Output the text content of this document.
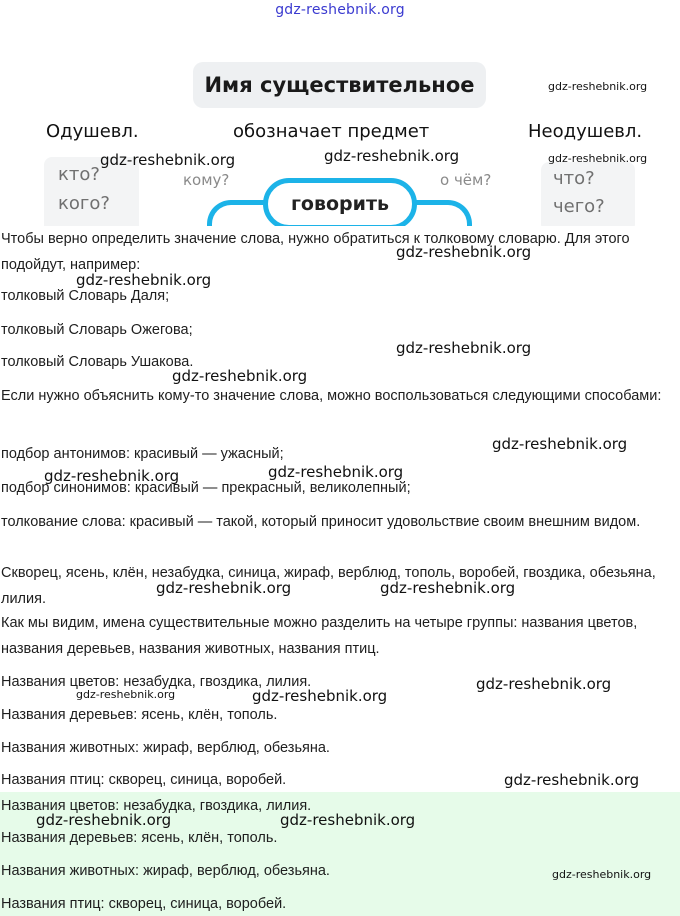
gdz-reshebnik.org
Имя существительное
Одушевл.	обозначает предмет	Неодушевл.
кто?
кого?
что?
чего?
кому?	о чём?
говорить

Чтобы верно определить значение слова, нужно обратиться к толковому словарю. Для этого подойдут, например:

толковый Словарь Даля;

толковый Словарь Ожегова;

толковый Словарь Ушакова.

Если нужно объяснить кому-то значение слова, можно воспользоваться следующими способами:

подбор антонимов: красивый — ужасный;

подбор синонимов: красивый — прекрасный, великолепный;

толкование слова: красивый — такой, который приносит удовольствие своим внешним видом.

Скворец, ясень, клён, незабудка, синица, жираф, верблюд, тополь, воробей, гвоздика, обезьяна, лилия.

Как мы видим, имена существительные можно разделить на четыре группы: названия цветов, названия деревьев, названия животных, названия птиц.

Названия цветов: незабудка, гвоздика, лилия.

Названия деревьев: ясень, клён, тополь.

Названия животных: жираф, верблюд, обезьяна.

Названия птиц: скворец, синица, воробей.

Названия цветов: незабудка, гвоздика, лилия.

Названия деревьев: ясень, клён, тополь.

Названия животных: жираф, верблюд, обезьяна.

Названия птиц: скворец, синица, воробей.

gdz-reshebnik.org
gdz-reshebnik.org	gdz-reshebnik.org	gdz-reshebnik.org
gdz-reshebnik.org
gdz-reshebnik.org
gdz-reshebnik.org
gdz-reshebnik.org
gdz-reshebnik.org
gdz-reshebnik.org	gdz-reshebnik.org
gdz-reshebnik.org	gdz-reshebnik.org
gdz-reshebnik.org
gdz-reshebnik.org	gdz-reshebnik.org
gdz-reshebnik.org
gdz-reshebnik.org	gdz-reshebnik.org
gdz-reshebnik.org
